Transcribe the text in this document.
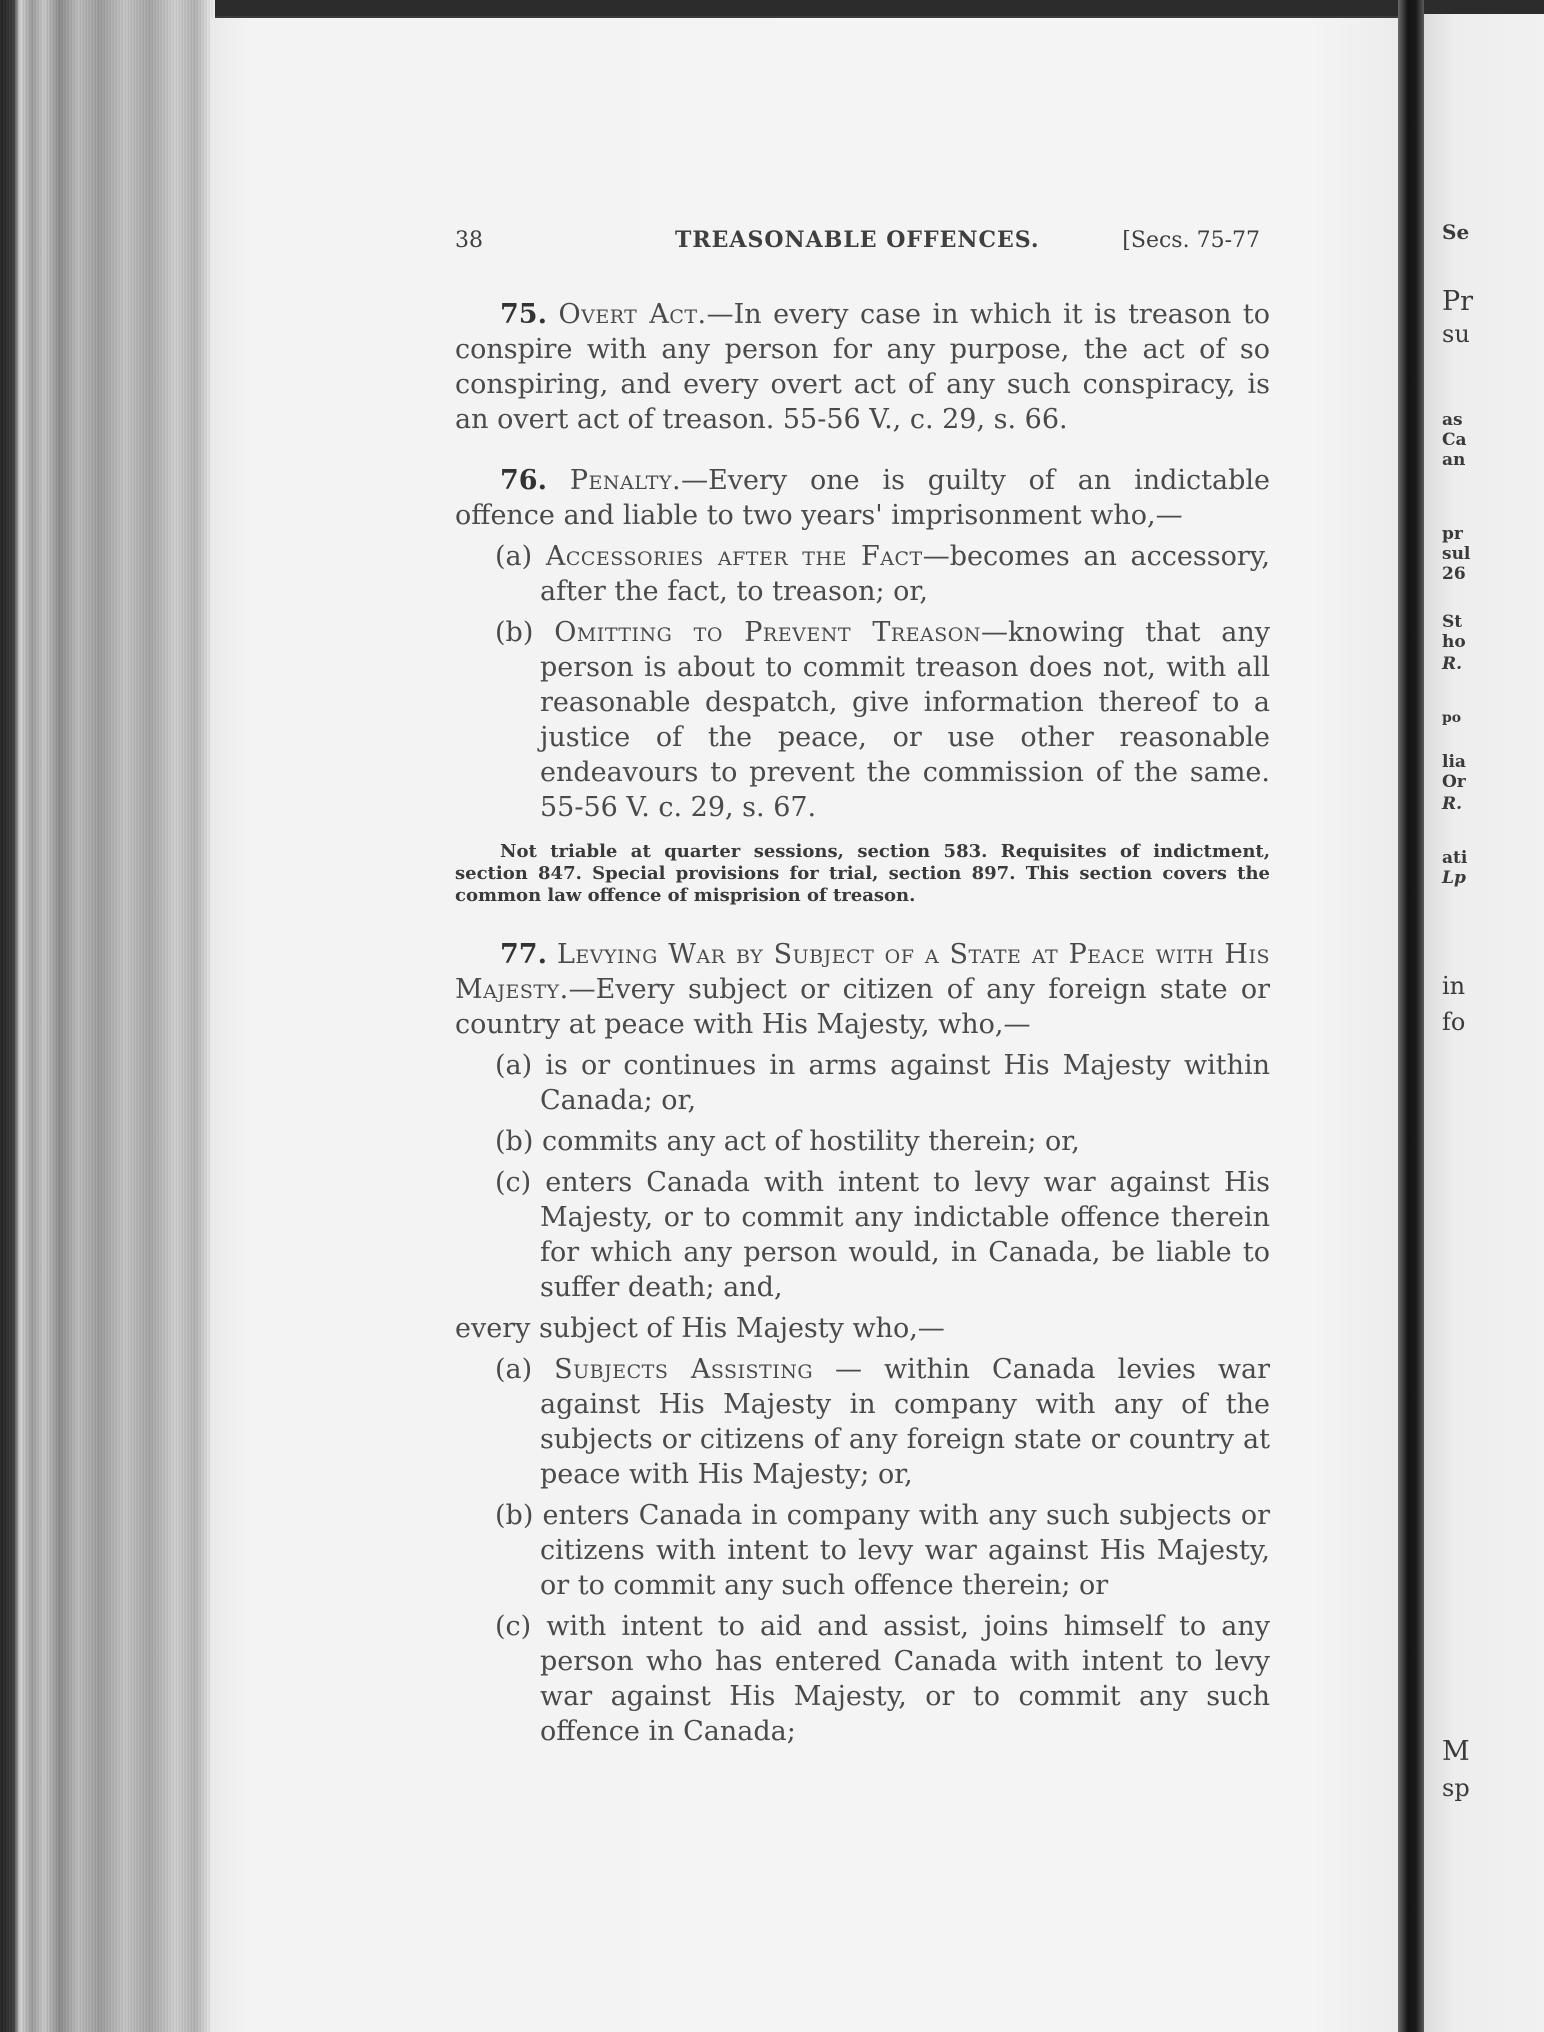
38	TREASONABLE OFFENCES.	[Secs. 75-77

75. Overt Act.—In every case in which it is treason to conspire with any person for any purpose, the act of so conspiring, and every overt act of any such conspiracy, is an overt act of treason. 55-56 V., c. 29, s. 66.

76. Penalty.—Every one is guilty of an indictable offence and liable to two years' imprisonment who,—

(a) Accessories after the Fact—becomes an accessory, after the fact, to treason; or,

(b) Omitting to Prevent Treason—knowing that any person is about to commit treason does not, with all reasonable despatch, give information thereof to a justice of the peace, or use other reasonable endeavours to prevent the commission of the same. 55-56 V. c. 29, s. 67.

Not triable at quarter sessions, section 583. Requisites of indictment, section 847. Special provisions for trial, section 897. This section covers the common law offence of misprision of treason.

77. Levying War by Subject of a State at Peace with His Majesty.—Every subject or citizen of any foreign state or country at peace with His Majesty, who,—

(a) is or continues in arms against His Majesty within Canada; or,

(b) commits any act of hostility therein; or,

(c) enters Canada with intent to levy war against His Majesty, or to commit any indictable offence therein for which any person would, in Canada, be liable to suffer death; and,

every subject of His Majesty who,—

(a) Subjects Assisting — within Canada levies war against His Majesty in company with any of the subjects or citizens of any foreign state or country at peace with His Majesty; or,

(b) enters Canada in company with any such subjects or citizens with intent to levy war against His Majesty, or to commit any such offence therein; or

(c) with intent to aid and assist, joins himself to any person who has entered Canada with intent to levy war against His Majesty, or to commit any such offence in Canada;

Se
Pr
su
as
Ca
an
pr
sul
26
St
ho
R.
po
lia
Or
R.
ati
Lp
in
fo
M
sp
